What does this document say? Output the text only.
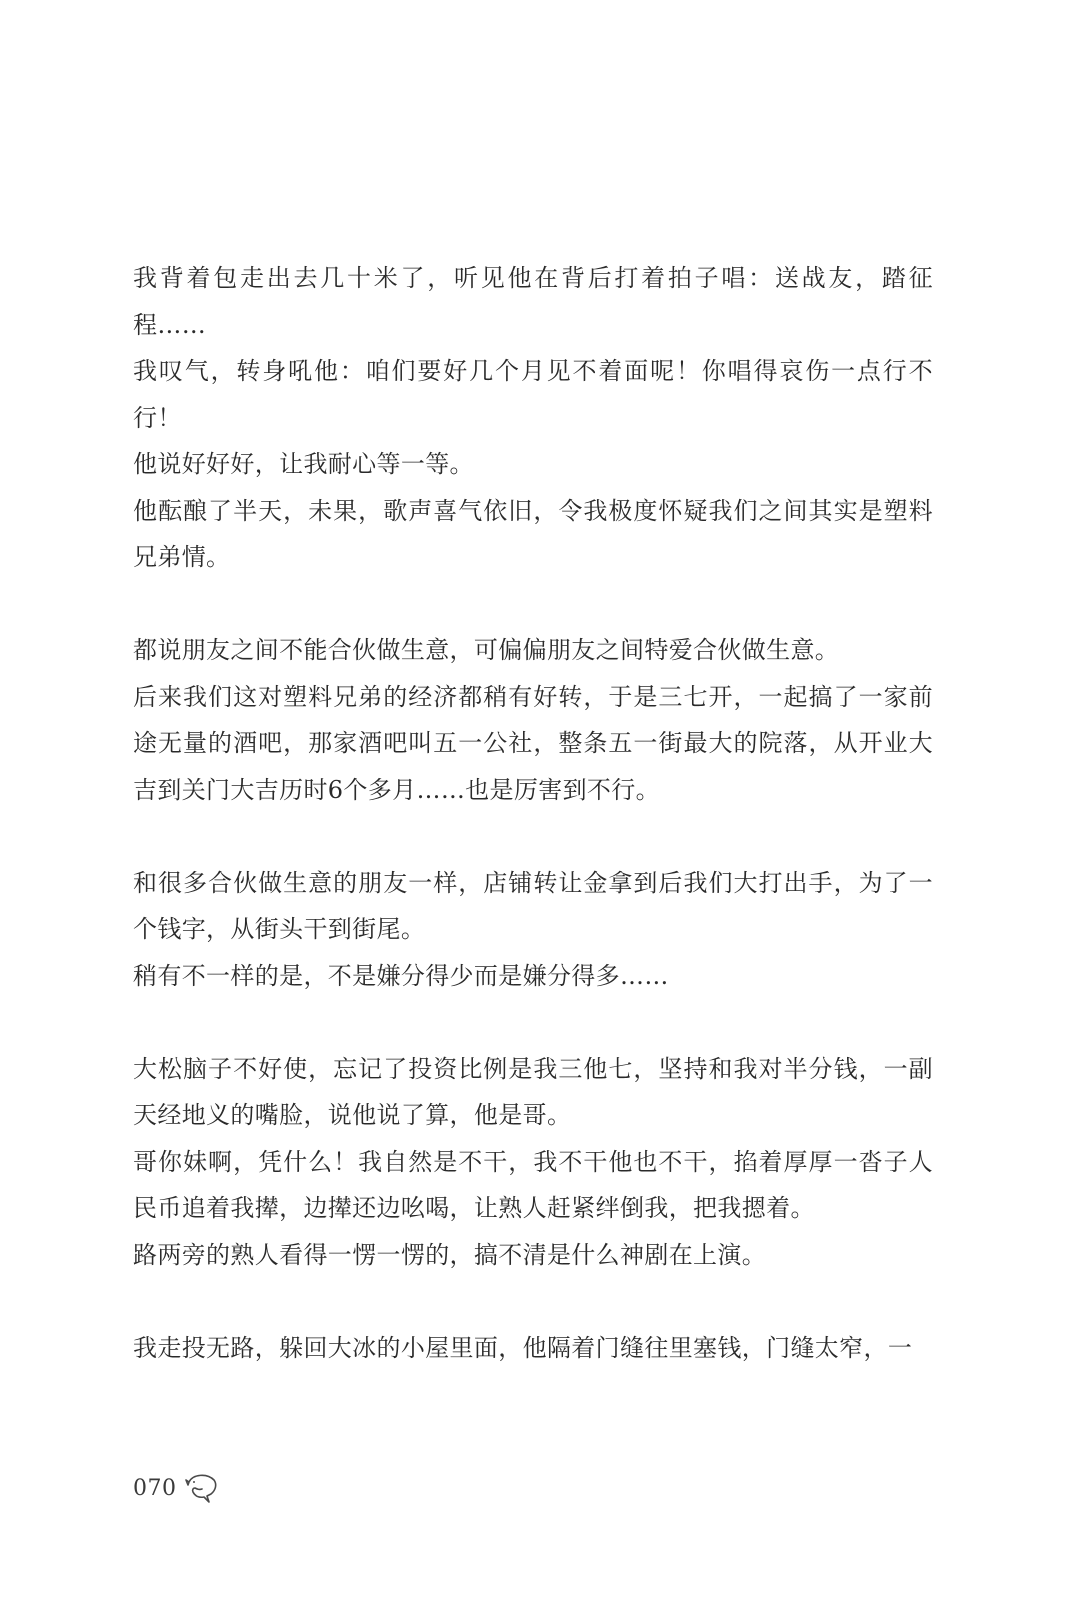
我背着包走出去几十米了，听见他在背后打着拍子唱：送战友，踏征程……

我叹气，转身吼他：咱们要好几个月见不着面呢！你唱得哀伤一点行不行！

他说好好好，让我耐心等一等。

他酝酿了半天，未果，歌声喜气依旧，令我极度怀疑我们之间其实是塑料兄弟情。

都说朋友之间不能合伙做生意，可偏偏朋友之间特爱合伙做生意。

后来我们这对塑料兄弟的经济都稍有好转，于是三七开，一起搞了一家前途无量的酒吧，那家酒吧叫五一公社，整条五一街最大的院落，从开业大吉到关门大吉历时6个多月……也是厉害到不行。

和很多合伙做生意的朋友一样，店铺转让金拿到后我们大打出手，为了一个钱字，从街头干到街尾。

稍有不一样的是，不是嫌分得少而是嫌分得多……

大松脑子不好使，忘记了投资比例是我三他七，坚持和我对半分钱，一副天经地义的嘴脸，说他说了算，他是哥。

哥你妹啊，凭什么！我自然是不干，我不干他也不干，掐着厚厚一沓子人民币追着我撵，边撵还边吆喝，让熟人赶紧绊倒我，把我摁着。

路两旁的熟人看得一愣一愣的，搞不清是什么神剧在上演。

我走投无路，躲回大冰的小屋里面，他隔着门缝往里塞钱，门缝太窄，一

070
